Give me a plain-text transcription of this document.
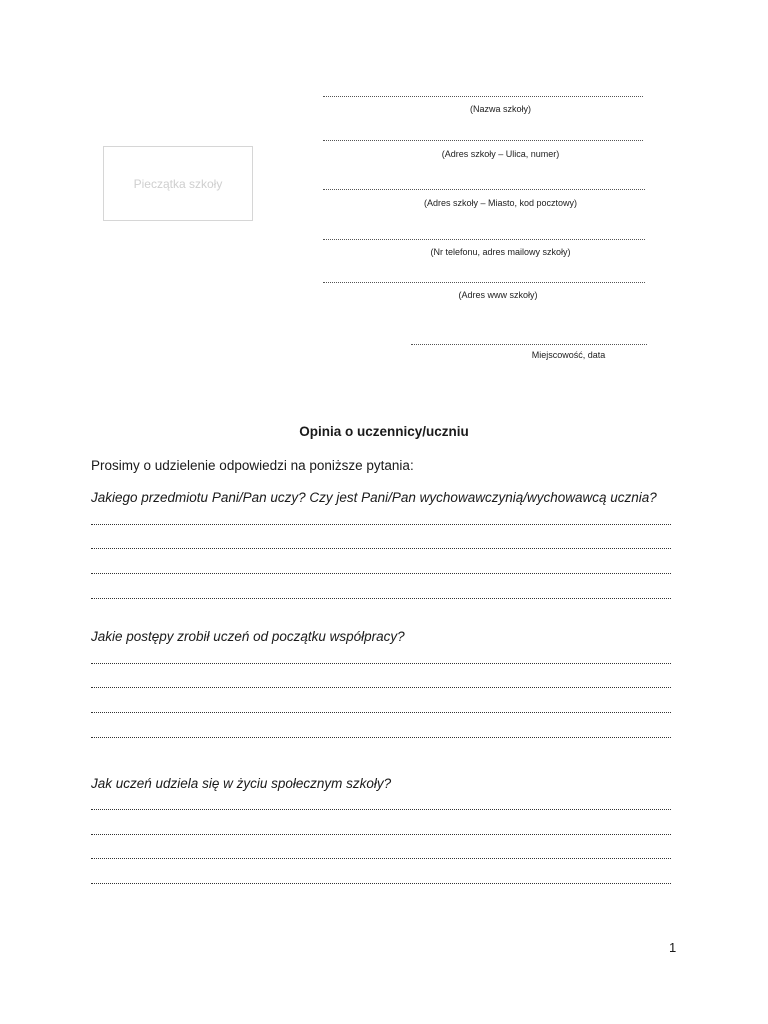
Pieczątka szkoły
(Nazwa szkoły)
(Adres szkoły – Ulica, numer)
(Adres szkoły – Miasto, kod pocztowy)
(Nr telefonu, adres mailowy szkoły)
(Adres www szkoły)
Miejscowość, data
Opinia o uczennicy/uczniu
Prosimy o udzielenie odpowiedzi na poniższe pytania:
Jakiego przedmiotu Pani/Pan uczy? Czy jest Pani/Pan wychowawczynią/wychowawcą ucznia?
Jakie postępy zrobił uczeń od początku współpracy?
Jak uczeń udziela się w życiu społecznym szkoły?
1
